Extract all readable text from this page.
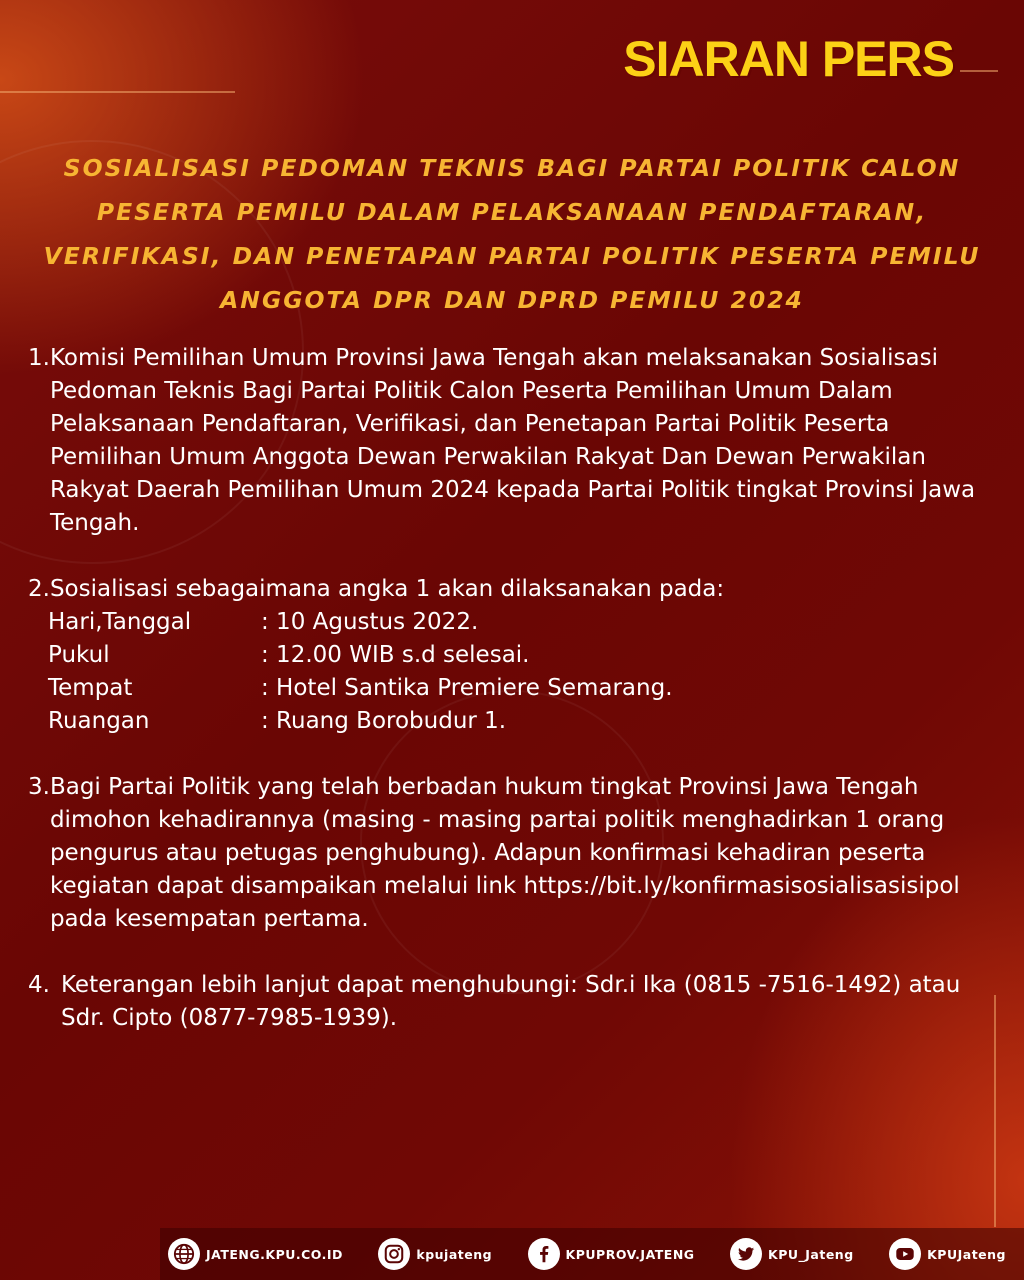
SIARAN PERS
SOSIALISASI PEDOMAN TEKNIS BAGI PARTAI POLITIK CALON PESERTA PEMILU DALAM PELAKSANAAN PENDAFTARAN, VERIFIKASI, DAN PENETAPAN PARTAI POLITIK PESERTA PEMILU ANGGOTA DPR DAN DPRD PEMILU 2024
1. Komisi Pemilihan Umum Provinsi Jawa Tengah akan melaksanakan Sosialisasi Pedoman Teknis Bagi Partai Politik Calon Peserta Pemilihan Umum Dalam Pelaksanaan Pendaftaran, Verifikasi, dan Penetapan Partai Politik Peserta Pemilihan Umum Anggota Dewan Perwakilan Rakyat Dan Dewan Perwakilan Rakyat Daerah Pemilihan Umum 2024 kepada Partai Politik tingkat Provinsi Jawa Tengah.
2. Sosialisasi sebagaimana angka 1 akan dilaksanakan pada:
Hari,Tanggal	: 10 Agustus 2022.
Pukul	: 12.00 WIB s.d selesai.
Tempat	: Hotel Santika Premiere Semarang.
Ruangan	: Ruang Borobudur 1.
3. Bagi Partai Politik yang telah berbadan hukum tingkat Provinsi Jawa Tengah dimohon kehadirannya (masing - masing partai politik menghadirkan 1 orang pengurus atau petugas penghubung). Adapun konfirmasi kehadiran peserta kegiatan dapat disampaikan melalui link https://bit.ly/konfirmasisosialisasisipol pada kesempatan pertama.
4. Keterangan lebih lanjut dapat menghubungi: Sdr.i Ika (0815 -7516-1492) atau Sdr. Cipto (0877-7985-1939).
JATENG.KPU.CO.ID	kpujateng	KPUPROV.JATENG	KPU_Jateng	KPUJateng
